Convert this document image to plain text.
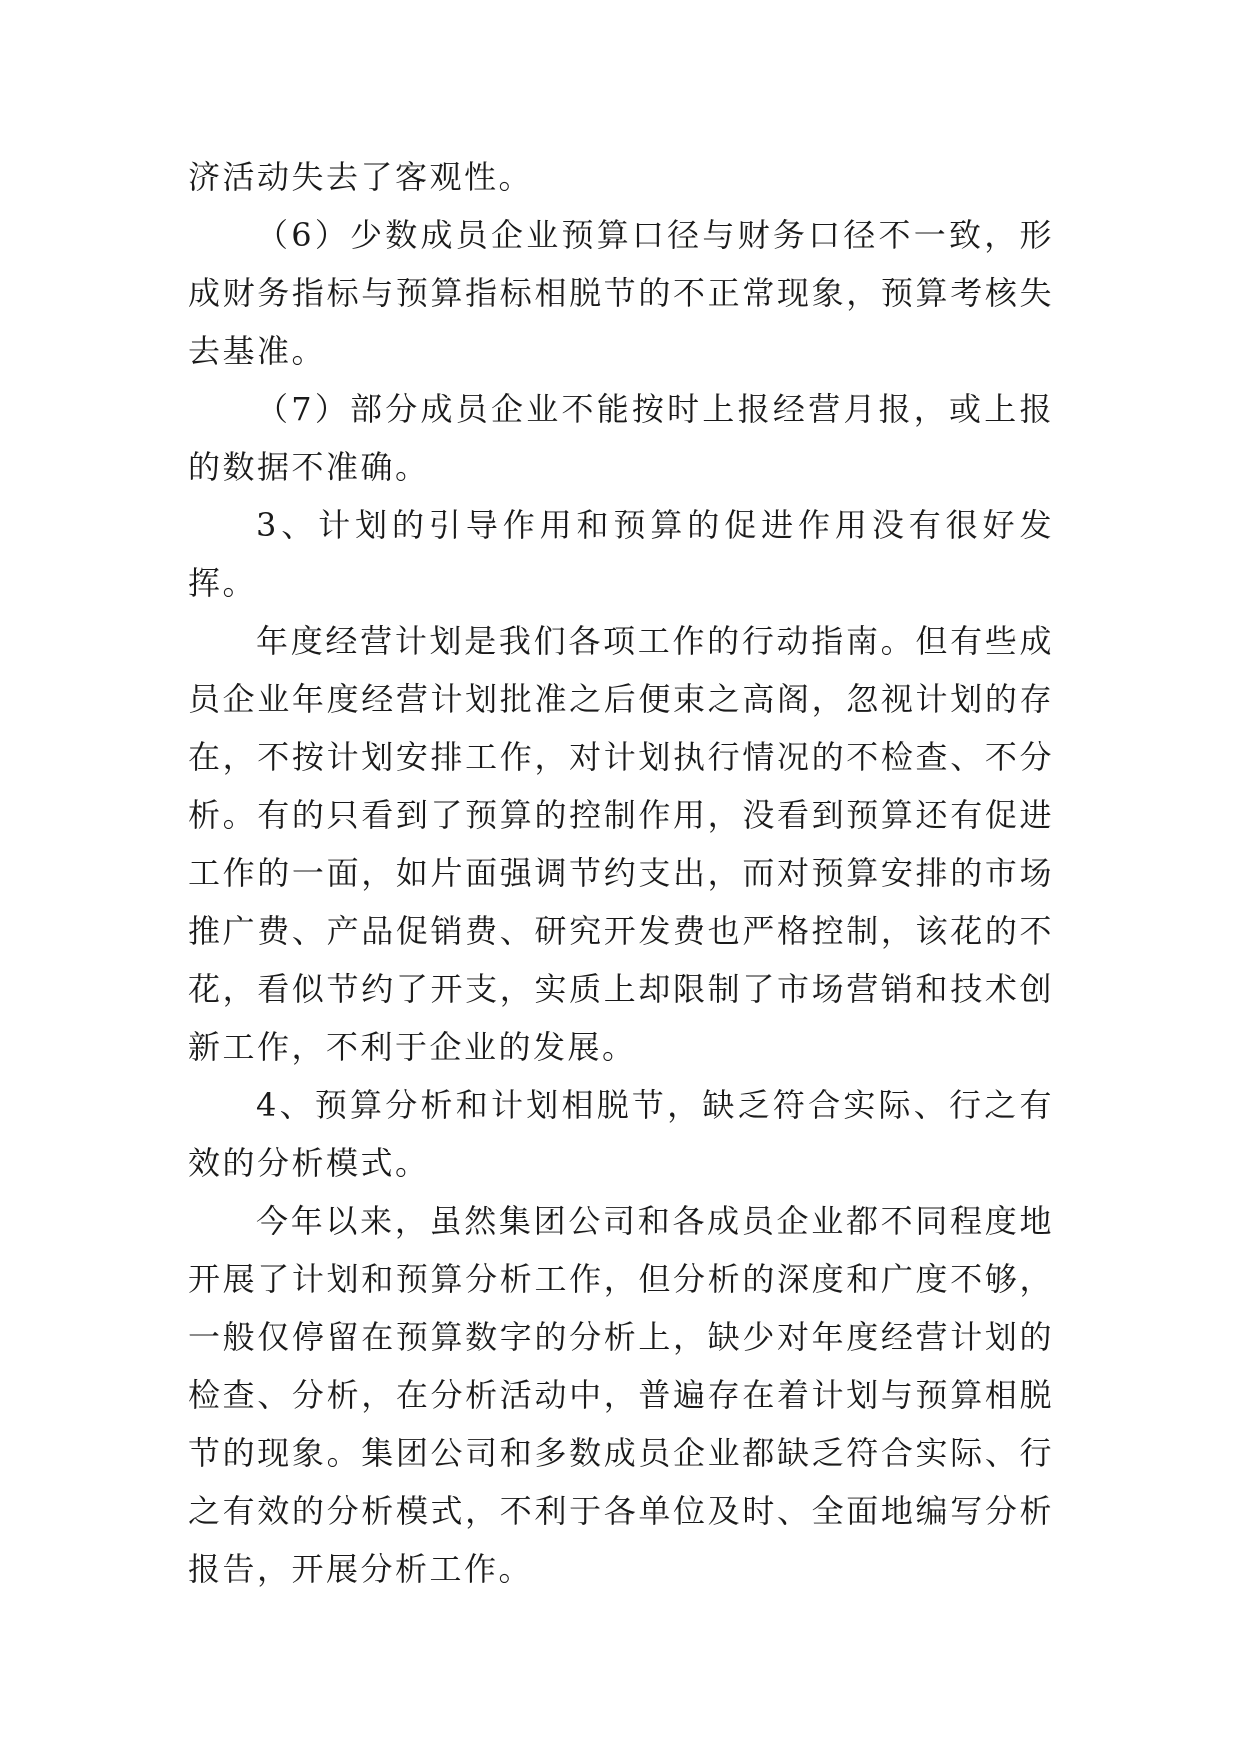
济活动失去了客观性。

（6）少数成员企业预算口径与财务口径不一致，形成财务指标与预算指标相脱节的不正常现象，预算考核失去基准。

（7）部分成员企业不能按时上报经营月报，或上报的数据不准确。

3、计划的引导作用和预算的促进作用没有很好发挥。

年度经营计划是我们各项工作的行动指南。但有些成员企业年度经营计划批准之后便束之高阁，忽视计划的存在，不按计划安排工作，对计划执行情况的不检查、不分析。有的只看到了预算的控制作用，没看到预算还有促进工作的一面，如片面强调节约支出，而对预算安排的市场推广费、产品促销费、研究开发费也严格控制，该花的不花，看似节约了开支，实质上却限制了市场营销和技术创新工作，不利于企业的发展。

4、预算分析和计划相脱节，缺乏符合实际、行之有效的分析模式。

今年以来，虽然集团公司和各成员企业都不同程度地开展了计划和预算分析工作，但分析的深度和广度不够，一般仅停留在预算数字的分析上，缺少对年度经营计划的检查、分析，在分析活动中，普遍存在着计划与预算相脱节的现象。集团公司和多数成员企业都缺乏符合实际、行之有效的分析模式，不利于各单位及时、全面地编写分析报告，开展分析工作。
